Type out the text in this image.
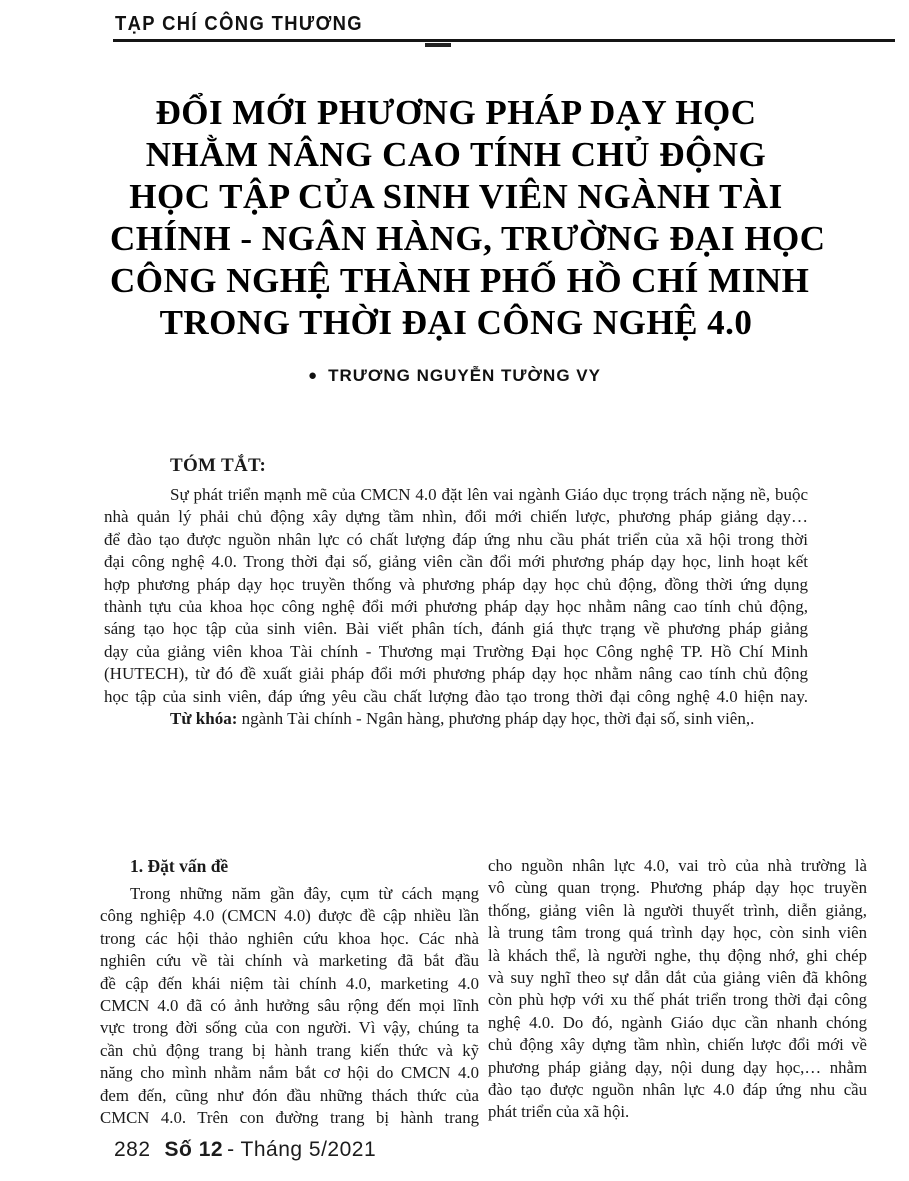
TẠP CHÍ CÔNG THƯƠNG
ĐỔI MỚI PHƯƠNG PHÁP DẠY HỌC
NHẰM NÂNG CAO TÍNH CHỦ ĐỘNG
HỌC TẬP CỦA SINH VIÊN NGÀNH TÀI
CHÍNH - NGÂN HÀNG, TRƯỜNG ĐẠI HỌC
CÔNG NGHỆ THÀNH PHỐ HỒ CHÍ MINH
TRONG THỜI ĐẠI CÔNG NGHỆ 4.0
● TRƯƠNG NGUYỄN TƯỜNG VY
TÓM TẮT:
Sự phát triển mạnh mẽ của CMCN 4.0 đặt lên vai ngành Giáo dục trọng trách nặng nề, buộc
nhà quản lý phải chủ động xây dựng tầm nhìn, đổi mới chiến lược, phương pháp giảng dạy…
để đào tạo được nguồn nhân lực có chất lượng đáp ứng nhu cầu phát triển của xã hội trong thời
đại công nghệ 4.0. Trong thời đại số, giảng viên cần đổi mới phương pháp dạy học, linh hoạt kết
hợp phương pháp dạy học truyền thống và phương pháp dạy học chủ động, đồng thời ứng dụng
thành tựu của khoa học công nghệ đổi mới phương pháp dạy học nhằm nâng cao tính chủ động,
sáng tạo học tập của sinh viên. Bài viết phân tích, đánh giá thực trạng về phương pháp giảng
dạy của giảng viên khoa Tài chính - Thương mại Trường Đại học Công nghệ TP. Hồ Chí Minh
(HUTECH), từ đó đề xuất giải pháp đổi mới phương pháp dạy học nhằm nâng cao tính chủ động
học tập của sinh viên, đáp ứng yêu cầu chất lượng đào tạo trong thời đại công nghệ 4.0 hiện nay.
Từ khóa: ngành Tài chính - Ngân hàng, phương pháp dạy học, thời đại số, sinh viên,.
1. Đặt vấn đề
Trong những năm gần đây, cụm từ cách mạng
công nghiệp 4.0 (CMCN 4.0) được đề cập nhiều lần
trong các hội thảo nghiên cứu khoa học. Các nhà
nghiên cứu về tài chính và marketing đã bắt đầu
đề cập đến khái niệm tài chính 4.0, marketing 4.0
CMCN 4.0 đã có ảnh hưởng sâu rộng đến mọi lĩnh
vực trong đời sống của con người. Vì vậy, chúng ta
cần chủ động trang bị hành trang kiến thức và kỹ
năng cho mình nhằm nắm bắt cơ hội do CMCN 4.0
đem đến, cũng như đón đầu những thách thức của
CMCN 4.0. Trên con đường trang bị hành trang
cho nguồn nhân lực 4.0, vai trò của nhà trường là
vô cùng quan trọng. Phương pháp dạy học truyền
thống, giảng viên là người thuyết trình, diễn giảng,
là trung tâm trong quá trình dạy học, còn sinh viên
là khách thể, là người nghe, thụ động nhớ, ghi chép
và suy nghĩ theo sự dẫn dắt của giảng viên đã không
còn phù hợp với xu thế phát triển trong thời đại công
nghệ 4.0. Do đó, ngành Giáo dục cần nhanh chóng
chủ động xây dựng tầm nhìn, chiến lược đổi mới về
phương pháp giảng dạy, nội dung dạy học,… nhằm
đào tạo được nguồn nhân lực 4.0 đáp ứng nhu cầu
phát triển của xã hội.
282 Số 12 - Tháng 5/2021
